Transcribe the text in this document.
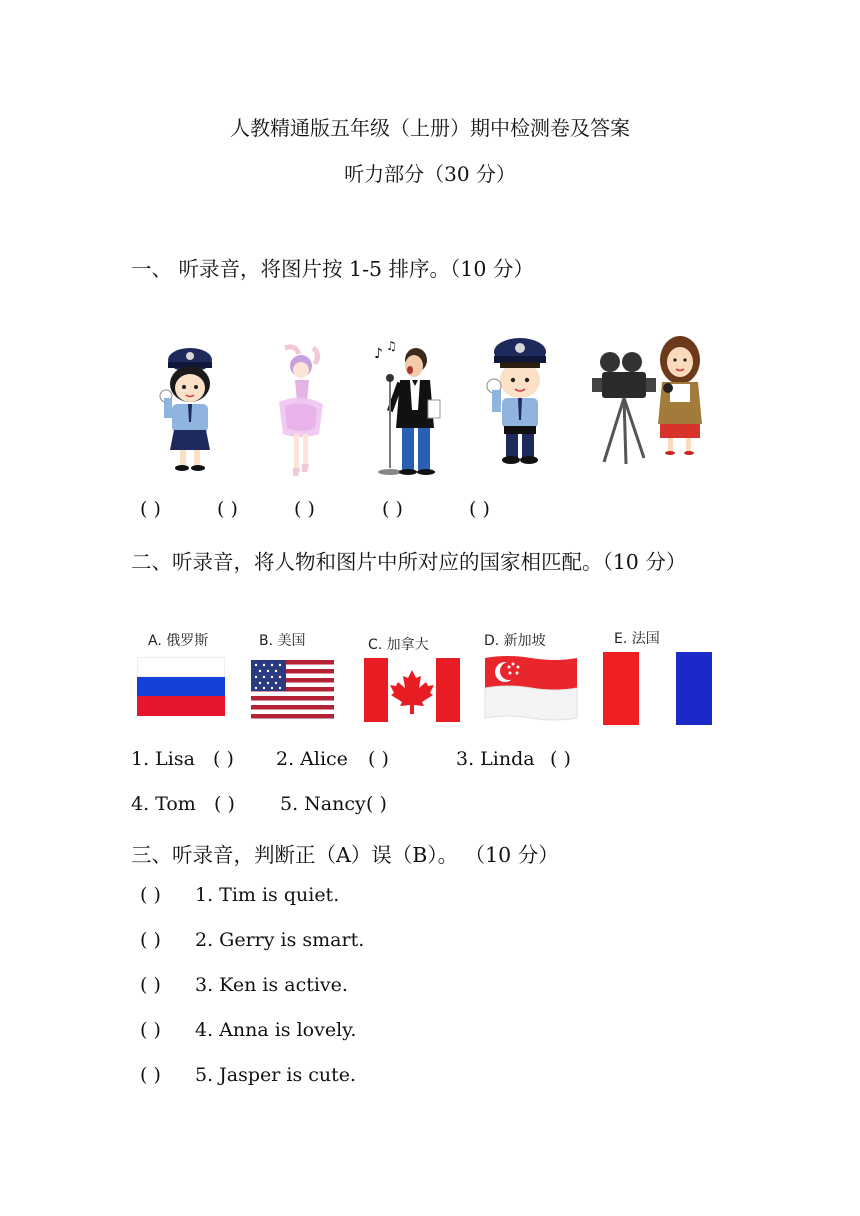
人教精通版五年级（上册）期中检测卷及答案
听力部分（30 分）
一、 听录音，将图片按 1-5 排序。（10 分）
♪ ♫
( )	( )	( )	( )	( )
二、听录音，将人物和图片中所对应的国家相匹配。（10 分）
A. 俄罗斯	B. 美国	C. 加拿大	D. 新加坡	E. 法国
1. Lisa ( ) 2. Alice ( )	3. Linda ( )
4. Tom ( ) 5. Nancy ( )
三、听录音，判断正（A）误（B）。 （10 分）
( ) 1. Tim is quiet.
( ) 2. Gerry is smart.
( ) 3. Ken is active.
( ) 4. Anna is lovely.
( ) 5. Jasper is cute.
